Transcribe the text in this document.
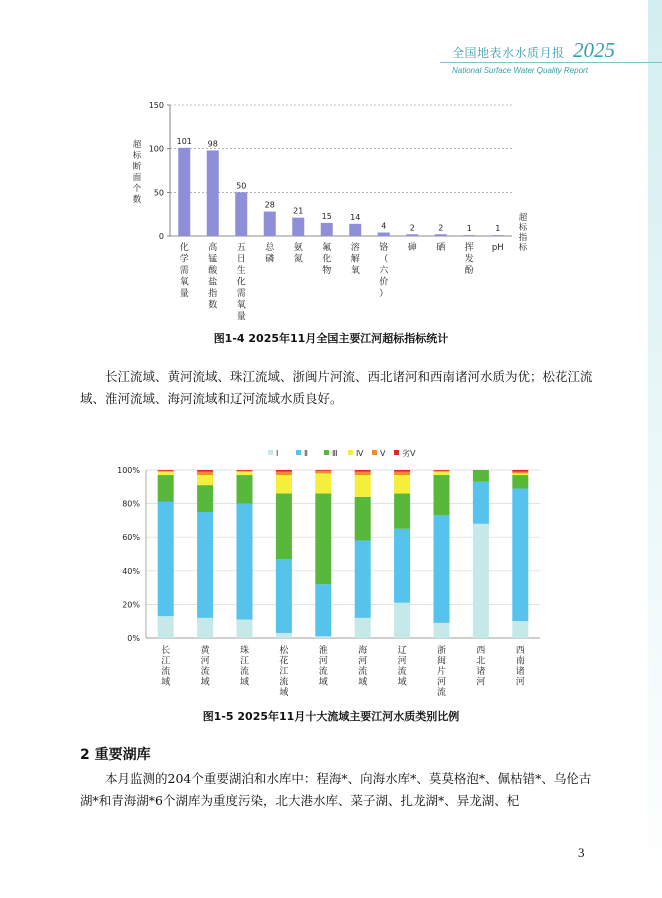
全国地表水水质月报 2025
National Surface Water Quality Report
0
50
100
150
超
标
断
面
个
数
超
标
指
标
101
化
学
需
氧
量
98
高
锰
酸
盐
指
数
50
五
日
生
化
需
氧
量
28
总
磷
21
氨
氮
15
氟
化
物
14
溶
解
氧
4
铬
（
六
价
）
2
砷
2
硒
1
挥
发
酚
1
pH
图1-4 2025年11月全国主要江河超标指标统计
长江流域、黄河流域、珠江流域、浙闽片河流、西北诸河和西南诸河水质为优；松花江流域、淮河流域、海河流域和辽河流域水质良好。
Ⅰ	Ⅱ	Ⅲ Ⅳ Ⅴ 劣Ⅴ
0%
20%
40%
60%
80%
100%
长
江
流
域
黄
河
流
域
珠
江
流
域
松
花
江
流
域
淮
河
流
域
海
河
流
域
辽
河
流
域
浙
闽
片
河
流
西
北
诸
河
西
南
诸
河
图1-5 2025年11月十大流域主要江河水质类别比例
2 重要湖库
本月监测的204个重要湖泊和水库中：程海*、向海水库*、莫莫格泡*、佩枯错*、乌伦古湖*和青海湖*6个湖库为重度污染，北大港水库、菜子湖、扎龙湖*、异龙湖、杞
3
